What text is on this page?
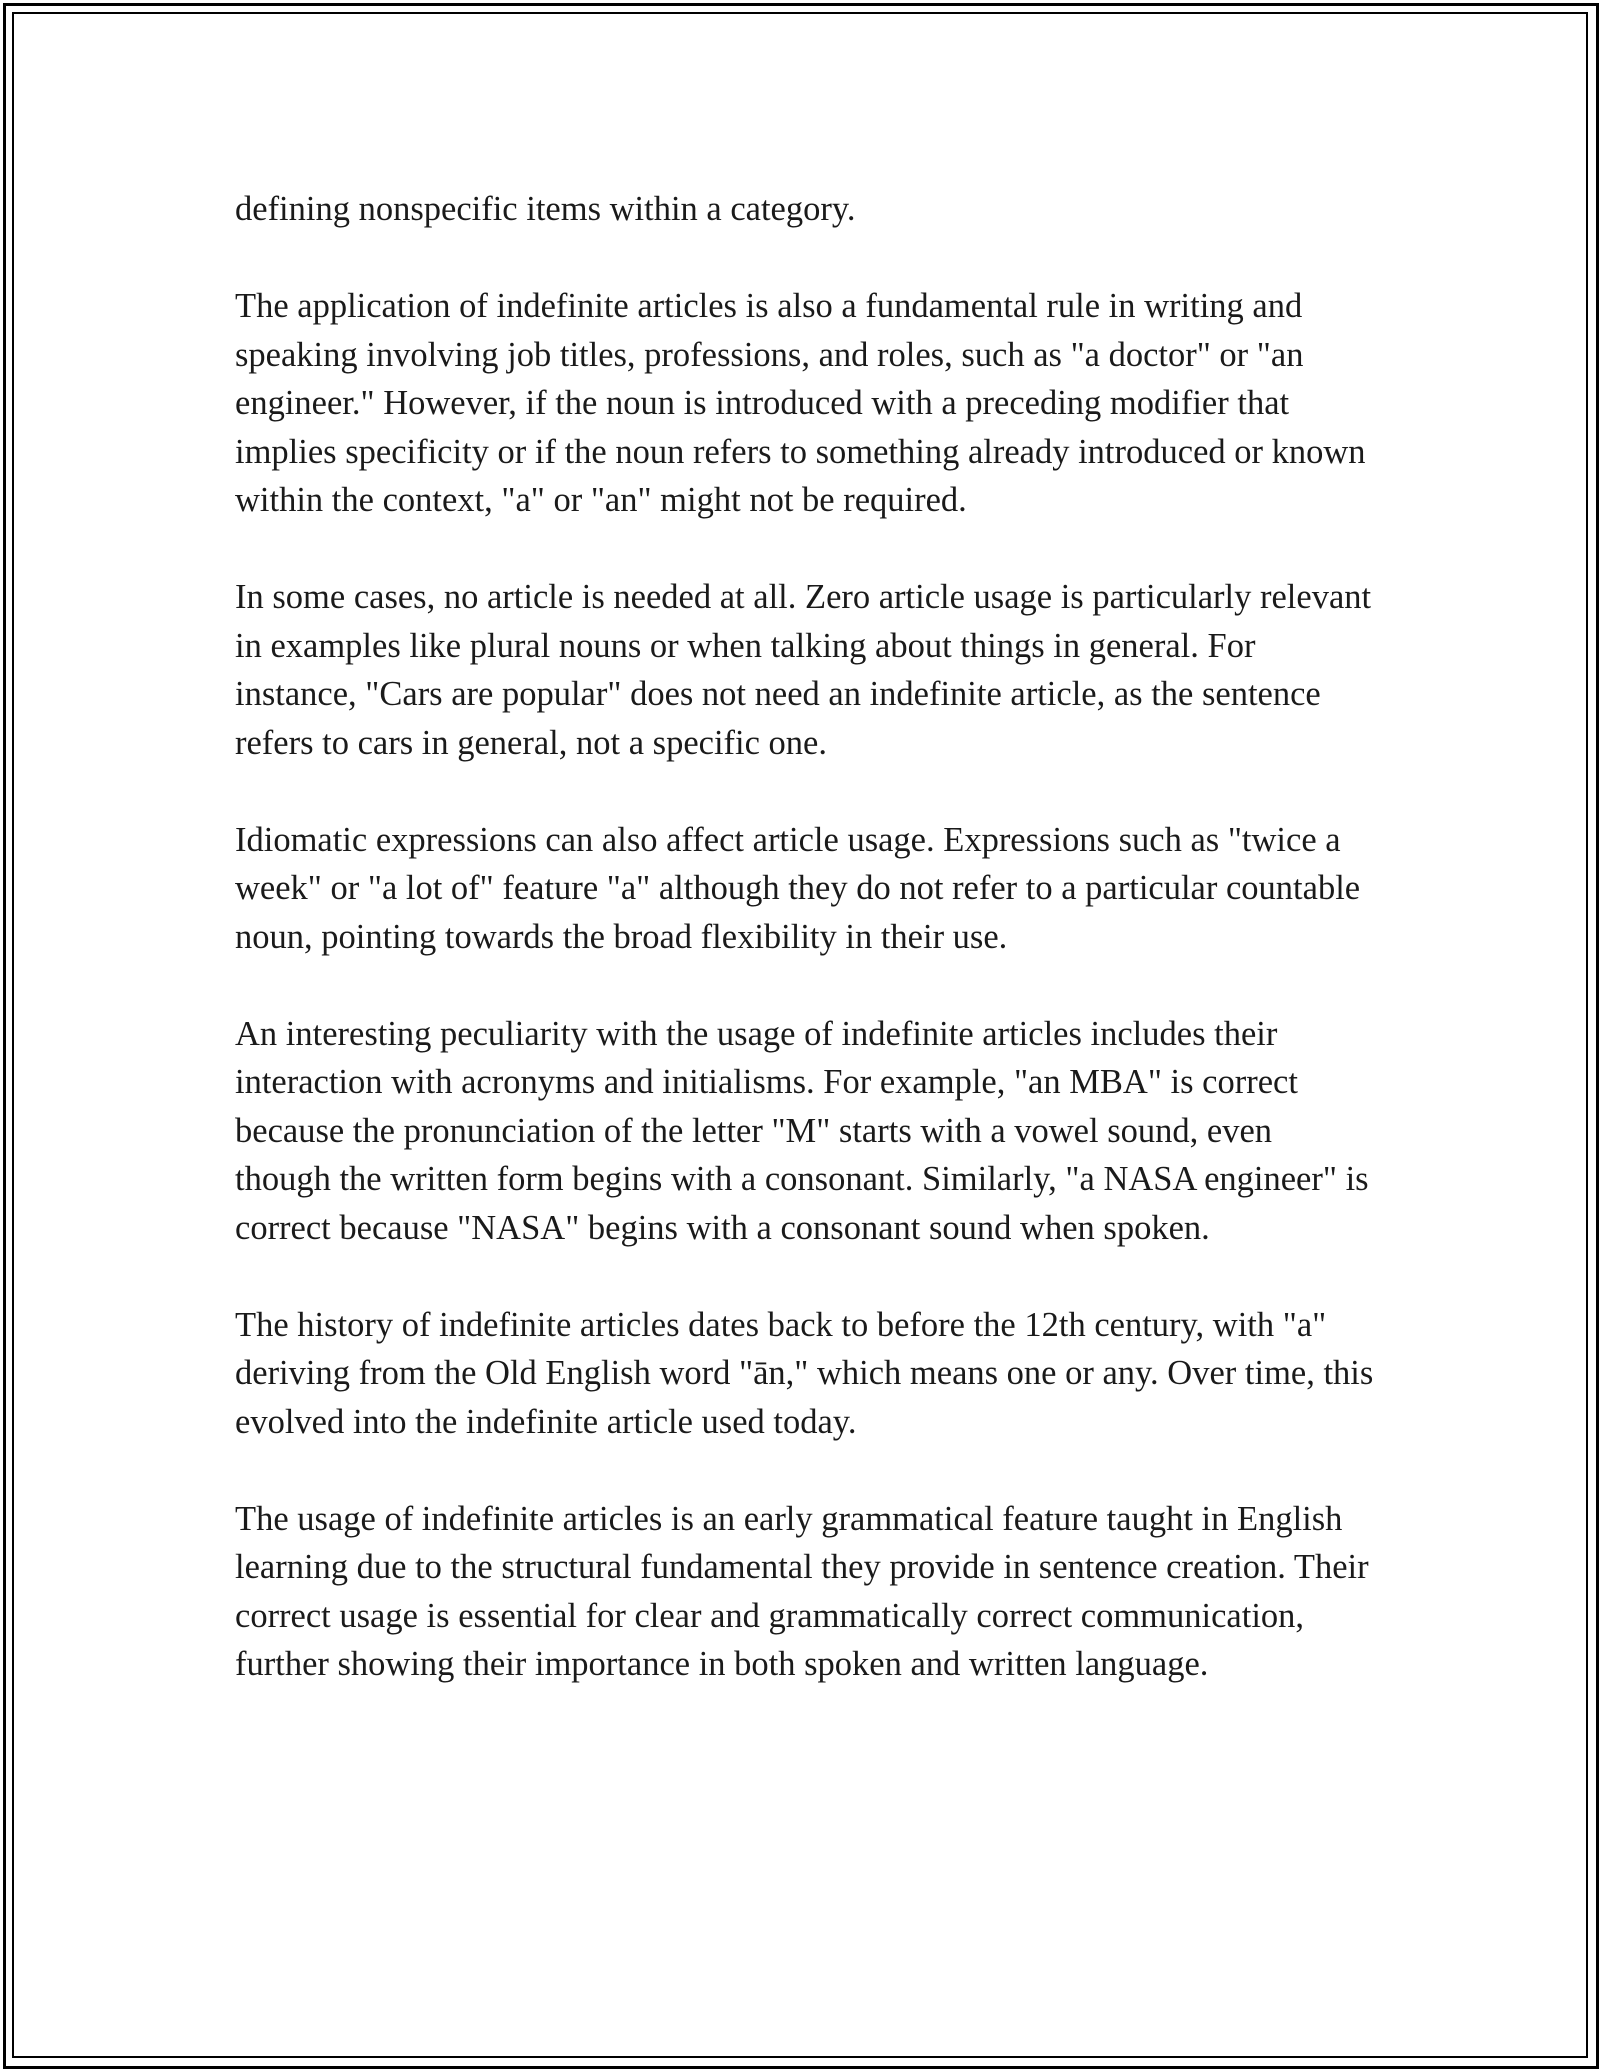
defining nonspecific items within a category.

The application of indefinite articles is also a fundamental rule in writing and speaking involving job titles, professions, and roles, such as "a doctor" or "an engineer." However, if the noun is introduced with a preceding modifier that implies specificity or if the noun refers to something already introduced or known within the context, "a" or "an" might not be required.

In some cases, no article is needed at all. Zero article usage is particularly relevant in examples like plural nouns or when talking about things in general. For instance, "Cars are popular" does not need an indefinite article, as the sentence refers to cars in general, not a specific one.

Idiomatic expressions can also affect article usage. Expressions such as "twice a week" or "a lot of" feature "a" although they do not refer to a particular countable noun, pointing towards the broad flexibility in their use.

An interesting peculiarity with the usage of indefinite articles includes their interaction with acronyms and initialisms. For example, "an MBA" is correct because the pronunciation of the letter "M" starts with a vowel sound, even though the written form begins with a consonant. Similarly, "a NASA engineer" is correct because "NASA" begins with a consonant sound when spoken.

The history of indefinite articles dates back to before the 12th century, with "a" deriving from the Old English word "ān," which means one or any. Over time, this evolved into the indefinite article used today.

The usage of indefinite articles is an early grammatical feature taught in English learning due to the structural fundamental they provide in sentence creation. Their correct usage is essential for clear and grammatically correct communication, further showing their importance in both spoken and written language.
